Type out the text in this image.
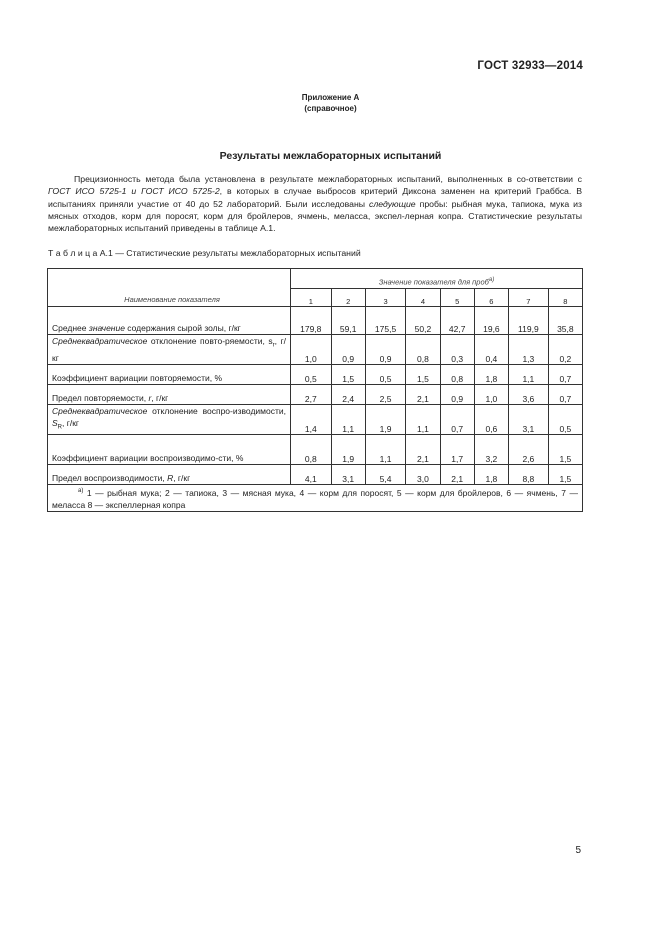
ГОСТ 32933—2014
Приложение А
(справочное)
Результаты межлабораторных испытаний

Прецизионность метода была установлена в результате межлабораторных испытаний, выполненных в со-ответствии с ГОСТ ИСО 5725-1 и ГОСТ ИСО 5725-2, в которых в случае выбросов критерий Диксона заменен на критерий Граббса. В испытаниях приняли участие от 40 до 52 лабораторий. Были исследованы следующие пробы: рыбная мука, тапиока, мука из мясных отходов, корм для поросят, корм для бройлеров, ячмень, меласса, экспел-лерная копра. Статистические результаты межлабораторных испытаний приведены в таблице А.1.

Т а б л и ц а А.1 — Статистические результаты межлабораторных испытаний
Наименование показателя	Значение показателя для проб$^{а)}$
	1	2	3	4	5	6	7	8
Среднее значение содержания сырой золы, г/кг	179,8	59,1	175,5	50,2	42,7	19,6	119,9	35,8
Среднеквадратическое отклонение повто-ряемости, $s_r$, г/кг	1,0	0,9	0,9	0,8	0,3	0,4	1,3	0,2
Коэффициент вариации повторяемости, %	0,5	1,5	0,5	1,5	0,8	1,8	1,1	0,7
Предел повторяемости, r, г/кг	2,7	2,4	2,5	2,1	0,9	1,0	3,6	0,7
Среднеквадратическое отклонение воспро-изводимости, $S_R$, г/кг	1,4	1,1	1,9	1,1	0,7	0,6	3,1	0,5
Коэффициент вариации воспроизводимо-сти, %	0,8	1,9	1,1	2,1	1,7	3,2	2,6	1,5
Предел воспроизводимости, R, г/кг	4,1	3,1	5,4	3,0	2,1	1,8	8,8	1,5
$^{а)}$ 1 — рыбная мука; 2 — тапиока, 3 — мясная мука, 4 — корм для поросят, 5 — корм для бройлеров, 6 — ячмень, 7 — меласса 8 — экспеллерная копра								
5
